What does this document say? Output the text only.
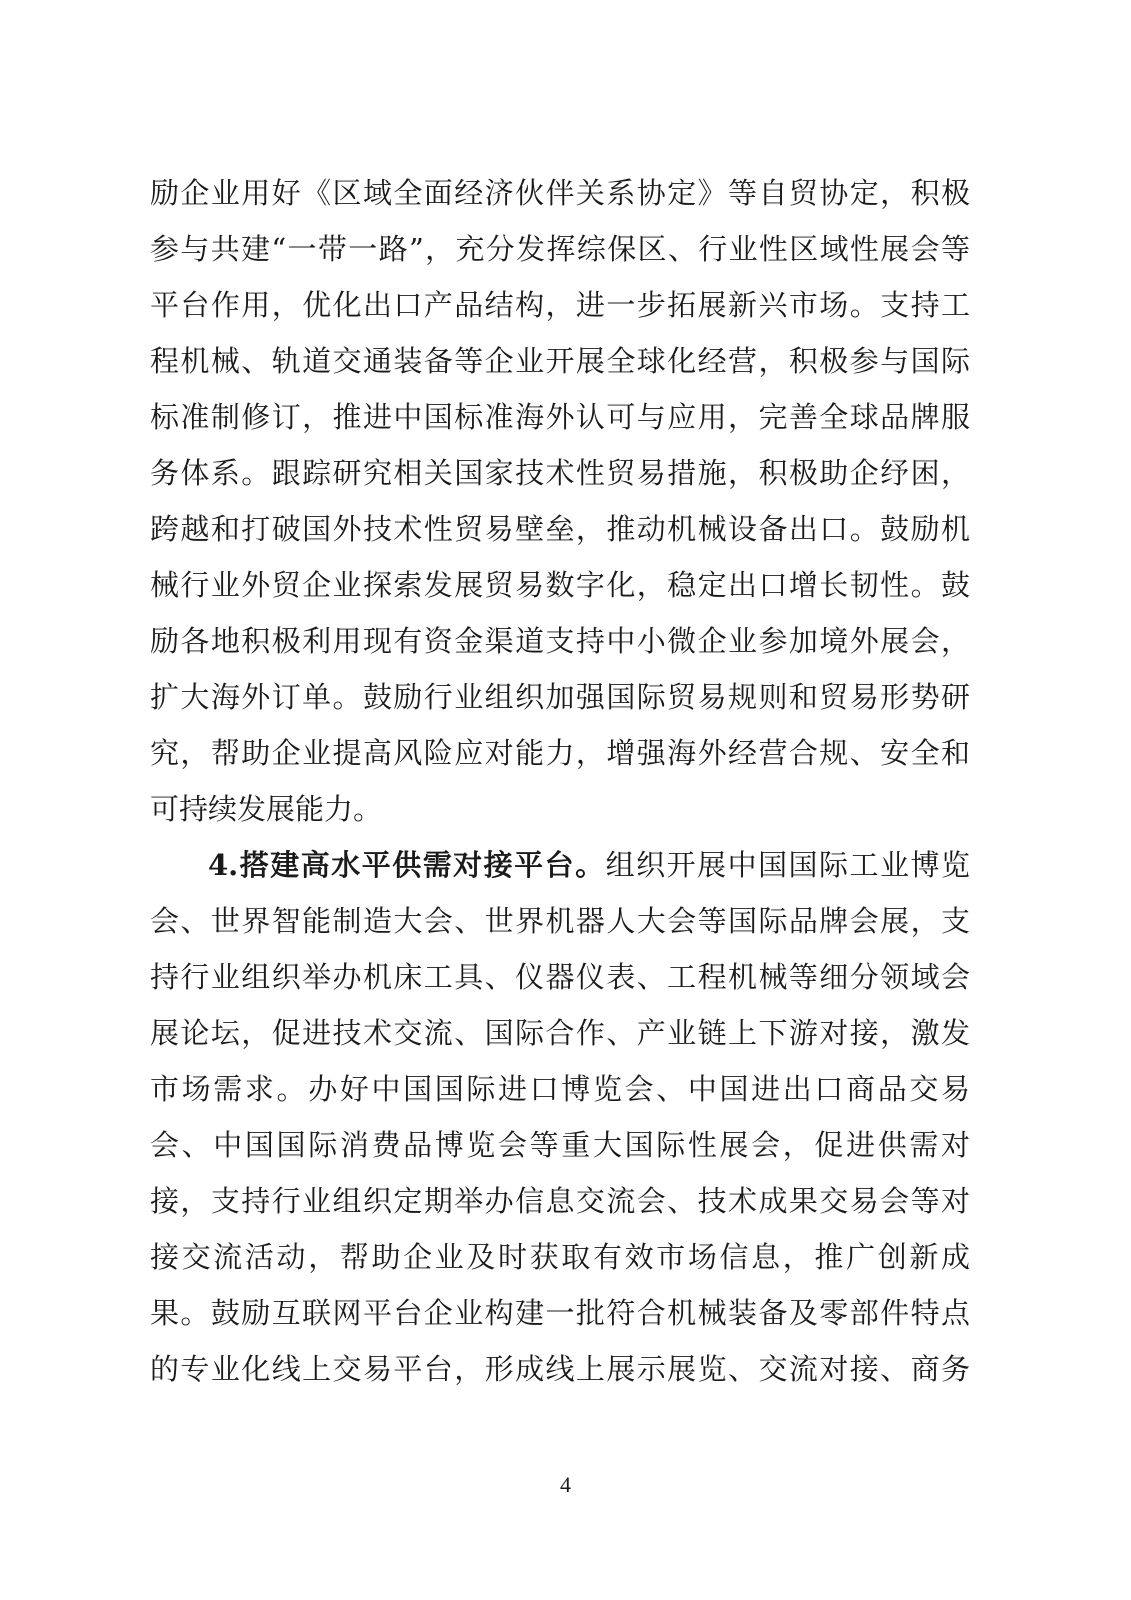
励企业用好《区域全面经济伙伴关系协定》等自贸协定，积极
参与共建“一带一路”，充分发挥综保区、行业性区域性展会等
平台作用，优化出口产品结构，进一步拓展新兴市场。支持工
程机械、轨道交通装备等企业开展全球化经营，积极参与国际
标准制修订，推进中国标准海外认可与应用，完善全球品牌服
务体系。跟踪研究相关国家技术性贸易措施，积极助企纾困，
跨越和打破国外技术性贸易壁垒，推动机械设备出口。鼓励机
械行业外贸企业探索发展贸易数字化，稳定出口增长韧性。鼓
励各地积极利用现有资金渠道支持中小微企业参加境外展会，
扩大海外订单。鼓励行业组织加强国际贸易规则和贸易形势研
究，帮助企业提高风险应对能力，增强海外经营合规、安全和
可持续发展能力。
4.搭建高水平供需对接平台。组织开展中国国际工业博览
会、世界智能制造大会、世界机器人大会等国际品牌会展，支
持行业组织举办机床工具、仪器仪表、工程机械等细分领域会
展论坛，促进技术交流、国际合作、产业链上下游对接，激发
市场需求。办好中国国际进口博览会、中国进出口商品交易
会、中国国际消费品博览会等重大国际性展会，促进供需对
接，支持行业组织定期举办信息交流会、技术成果交易会等对
接交流活动，帮助企业及时获取有效市场信息，推广创新成
果。鼓励互联网平台企业构建一批符合机械装备及零部件特点
的专业化线上交易平台，形成线上展示展览、交流对接、商务
4
